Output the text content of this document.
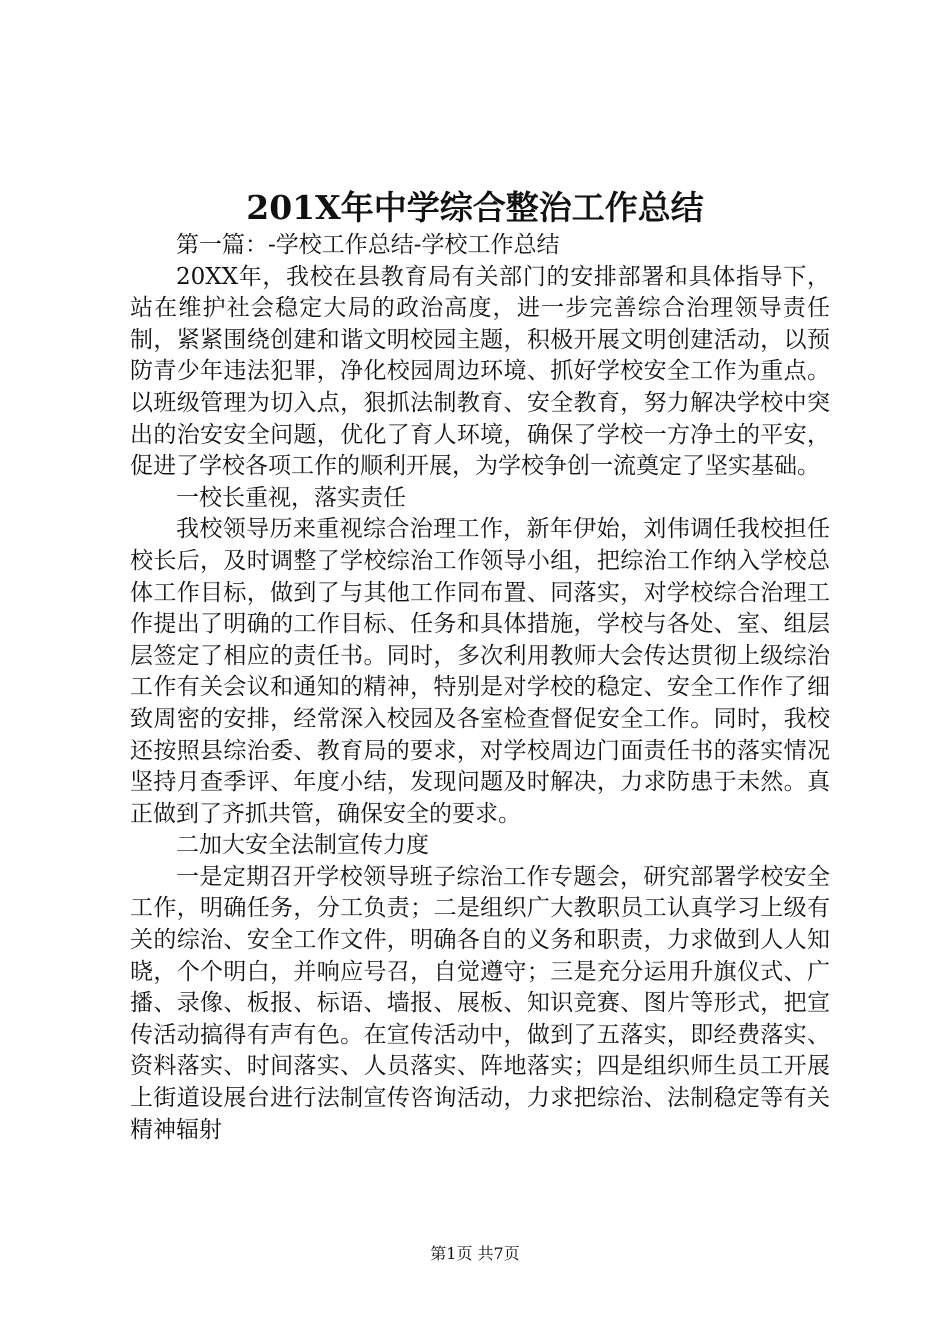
201X年中学综合整治工作总结

第一篇：-学校工作总结-学校工作总结

20XX年，我校在县教育局有关部门的安排部署和具体指导下，站在维护社会稳定大局的政治高度，进一步完善综合治理领导责任制，紧紧围绕创建和谐文明校园主题，积极开展文明创建活动，以预防青少年违法犯罪，净化校园周边环境、抓好学校安全工作为重点。以班级管理为切入点，狠抓法制教育、安全教育，努力解决学校中突出的治安安全问题，优化了育人环境，确保了学校一方净土的平安，促进了学校各项工作的顺利开展，为学校争创一流奠定了坚实基础。

一校长重视，落实责任

我校领导历来重视综合治理工作，新年伊始，刘伟调任我校担任校长后，及时调整了学校综治工作领导小组，把综治工作纳入学校总体工作目标，做到了与其他工作同布置、同落实，对学校综合治理工作提出了明确的工作目标、任务和具体措施，学校与各处、室、组层层签定了相应的责任书。同时，多次利用教师大会传达贯彻上级综治工作有关会议和通知的精神，特别是对学校的稳定、安全工作作了细致周密的安排，经常深入校园及各室检查督促安全工作。同时，我校还按照县综治委、教育局的要求，对学校周边门面责任书的落实情况坚持月查季评、年度小结，发现问题及时解决，力求防患于未然。真正做到了齐抓共管，确保安全的要求。

二加大安全法制宣传力度

一是定期召开学校领导班子综治工作专题会，研究部署学校安全工作，明确任务，分工负责；二是组织广大教职员工认真学习上级有关的综治、安全工作文件，明确各自的义务和职责，力求做到人人知晓，个个明白，并响应号召，自觉遵守；三是充分运用升旗仪式、广播、录像、板报、标语、墙报、展板、知识竞赛、图片等形式，把宣传活动搞得有声有色。在宣传活动中，做到了五落实，即经费落实、资料落实、时间落实、人员落实、阵地落实；四是组织师生员工开展上街道设展台进行法制宣传咨询活动，力求把综治、法制稳定等有关精神辐射

第1页 共7页
